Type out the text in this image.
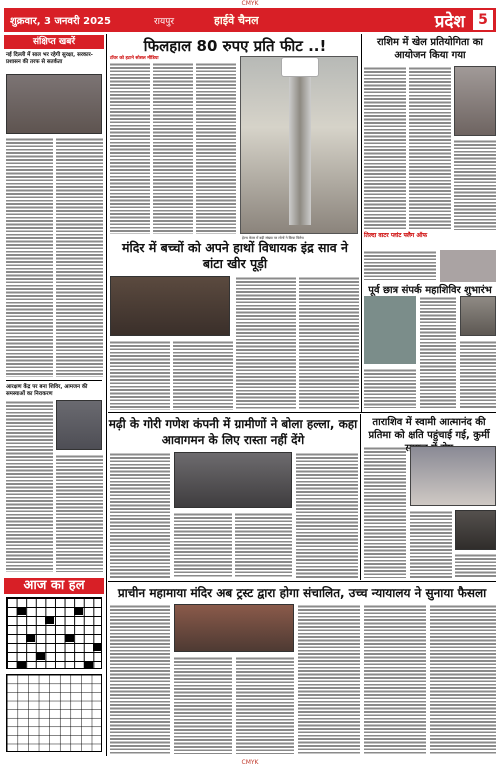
CMYK
शुक्रवार, 3 जनवरी 2025	रायपुर	हाईवे चैनल	प्रदेश 5
संक्षिप्त खबरें
नई दिल्ली में साल भर रहेगी सुरक्षा, सरकार-प्रशासन की तरफ से सतर्कता
आरक्षण केंद्र पर बना शिविर, आमजन की समस्याओं का निराकरण
आज का हल
फिलहाल 80 रुपए प्रति फीट ..!
टॉवर को हटाने सोशल मीडिया
हेल्थ केयर में बड़ी संख्या पर लोगों ने किया विरोध
मंदिर में बच्चों को अपने हाथों विधायक इंद्र साव ने बांटा खीर पूड़ी
राशिम में खेल प्रतियोगिता का आयोजन किया गया
तिल्दा वाटर प्लांट फ्लैग ऑफ
पूर्व छात्र संपर्क महाशिविर शुभारंभ
मढ़ी के गोरी गणेश कंपनी में ग्रामीणों ने बोला हल्ला, कहा आवागमन के लिए रास्ता नहीं देंगे
ताराशिव में स्वामी आत्मानंद की प्रतिमा को क्षति पहुंचाई गई, कुर्मी
प्राचीन महामाया मंदिर अब ट्रस्ट द्वारा होगा संचालित, उच्च न्यायालय ने सुनाया फैसला
CMYK
